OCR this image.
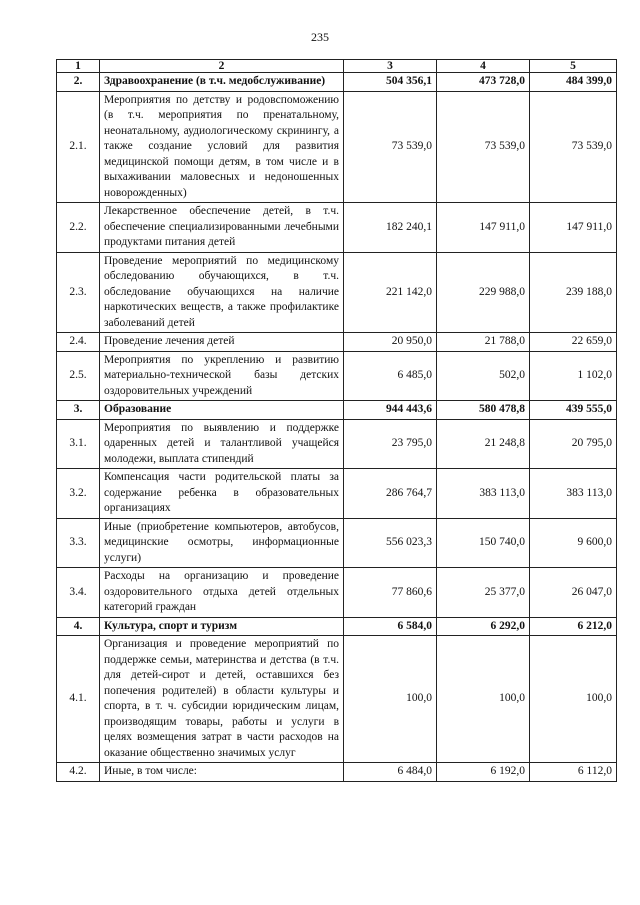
235
1	2	3	4	5
2.	Здравоохранение (в т.ч. медобслуживание)	504 356,1	473 728,0	484 399,0
2.1.	Мероприятия по детству и родовспоможению (в т.ч. мероприятия по пренатальному, неонатальному, аудиологическому скринингу, а также создание условий для развития медицинской помощи детям, в том числе и в выхаживании маловесных и недоношенных новорожденных)	73 539,0	73 539,0	73 539,0
2.2.	Лекарственное обеспечение детей, в т.ч. обеспечение специализированными лечебными продуктами питания детей	182 240,1	147 911,0	147 911,0
2.3.	Проведение мероприятий по медицинскому обследованию обучающихся, в т.ч. обследование обучающихся на наличие наркотических веществ, а также профилактике заболеваний детей	221 142,0	229 988,0	239 188,0
2.4.	Проведение лечения детей	20 950,0	21 788,0	22 659,0
2.5.	Мероприятия по укреплению и развитию материально-технической базы детских оздоровительных учреждений	6 485,0	502,0	1 102,0
3.	Образование	944 443,6	580 478,8	439 555,0
3.1.	Мероприятия по выявлению и поддержке одаренных детей и талантливой учащейся молодежи, выплата стипендий	23 795,0	21 248,8	20 795,0
3.2.	Компенсация части родительской платы за содержание ребенка в образовательных организациях	286 764,7	383 113,0	383 113,0
3.3.	Иные (приобретение компьютеров, автобусов, медицинские осмотры, информационные услуги)	556 023,3	150 740,0	9 600,0
3.4.	Расходы на организацию и проведение оздоровительного отдыха детей отдельных категорий граждан	77 860,6	25 377,0	26 047,0
4.	Культура, спорт и туризм	6 584,0	6 292,0	6 212,0
4.1.	Организация и проведение мероприятий по поддержке семьи, материнства и детства (в т.ч. для детей-сирот и детей, оставшихся без попечения родителей) в области культуры и спорта, в т. ч. субсидии юридическим лицам, производящим товары, работы и услуги в целях возмещения затрат в части расходов на оказание общественно значимых услуг	100,0	100,0	100,0
4.2.	Иные, в том числе:	6 484,0	6 192,0	6 112,0
